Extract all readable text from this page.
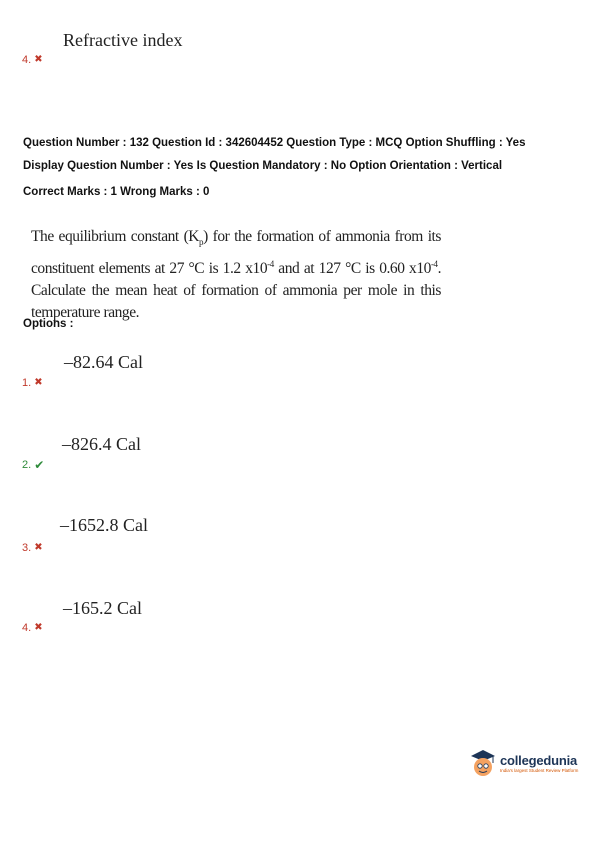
Refractive index
4. ✖
Question Number : 132 Question Id : 342604452 Question Type : MCQ Option Shuffling : Yes
Display Question Number : Yes Is Question Mandatory : No Option Orientation : Vertical
Correct Marks : 1 Wrong Marks : 0
The equilibrium constant $(K_p)$ for the formation of ammonia from its constituent elements at 27 °C is 1.2 $x10^{-4}$ and at 127 °C is 0.60 $x10^{-4}$. Calculate the mean heat of formation of ammonia per mole in this temperature range.
Options :
–82.64 Cal
1. ✖
–826.4 Cal
2. ✔
–1652.8 Cal
3. ✖
–165.2 Cal
4. ✖
collegedunia
India's largest Student Review Platform
